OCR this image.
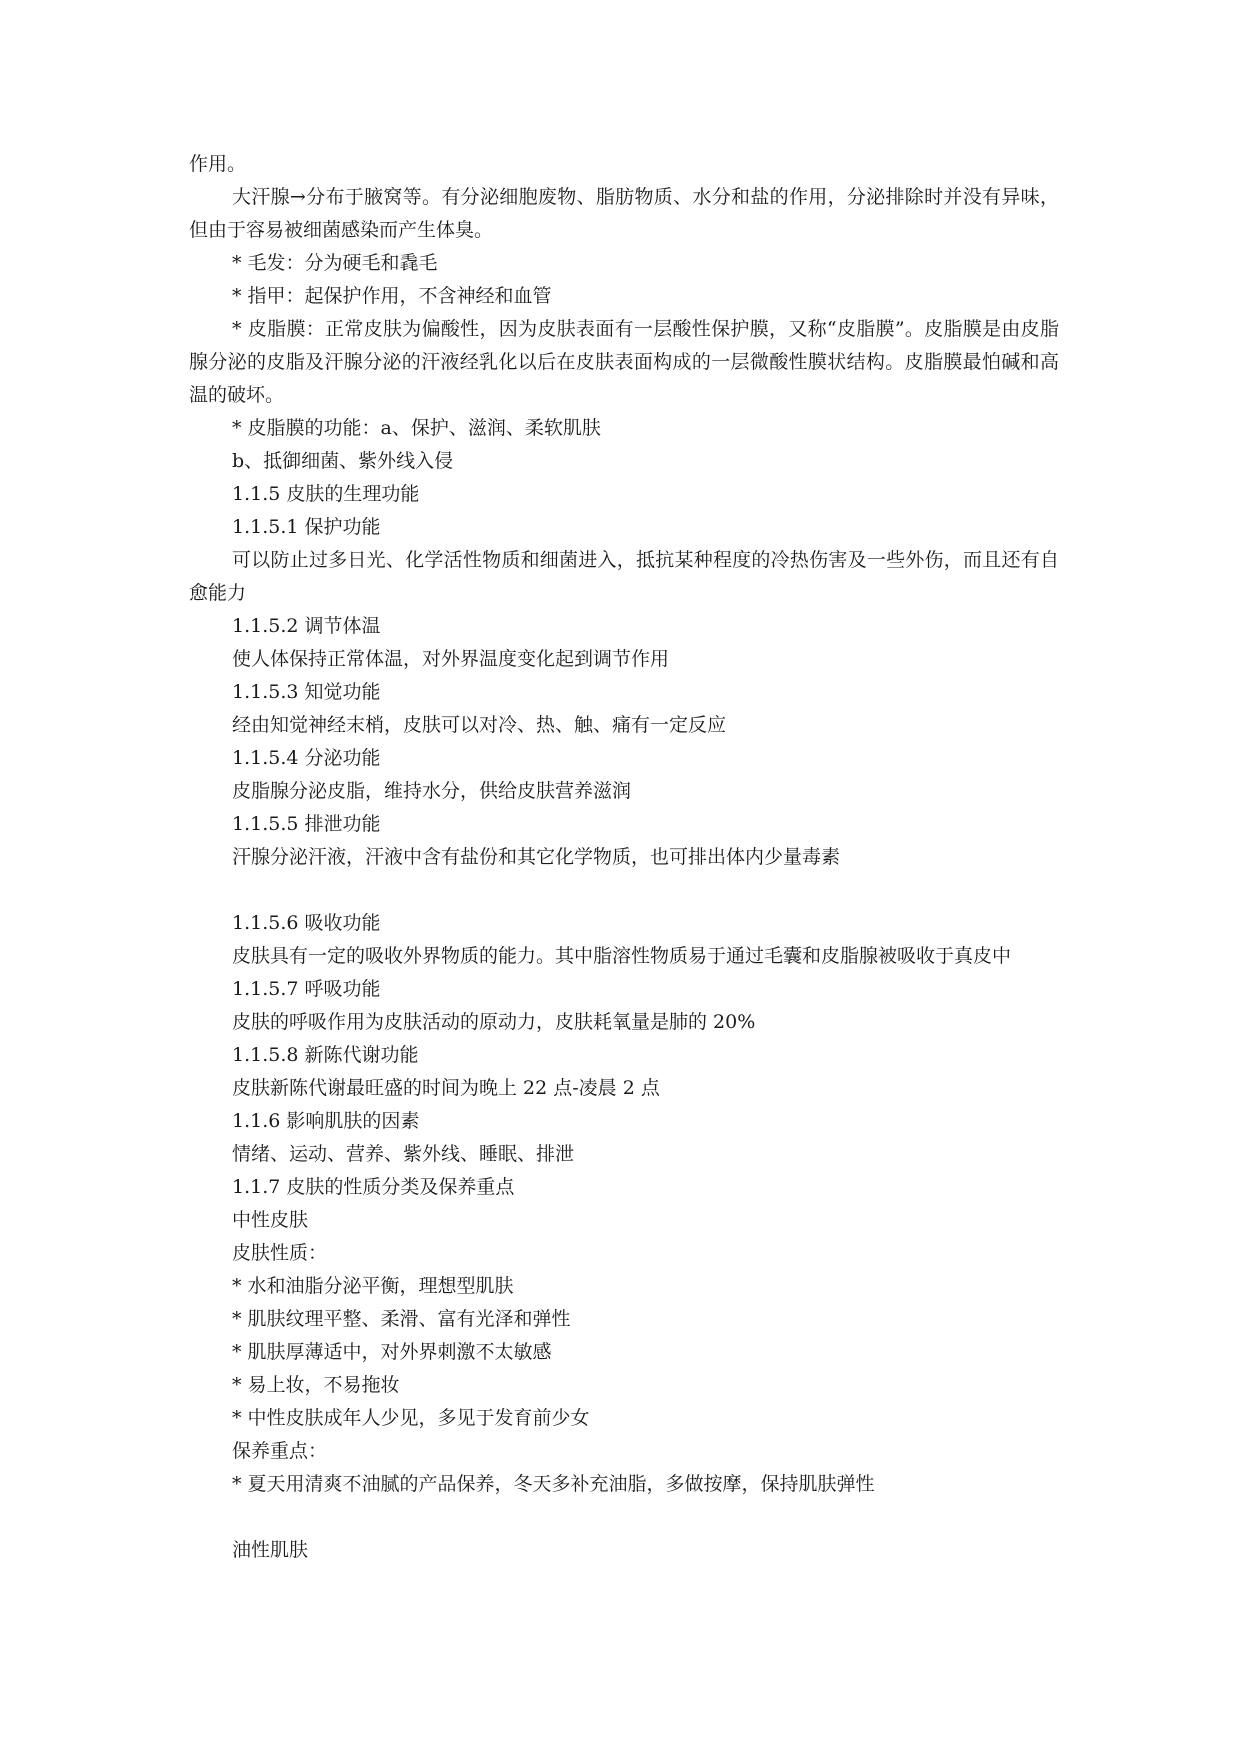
作用。

大汗腺→分布于腋窝等。有分泌细胞废物、脂肪物质、水分和盐的作用，分泌排除时并没有异味，但由于容易被细菌感染而产生体臭。

* 毛发：分为硬毛和毳毛

* 指甲：起保护作用，不含神经和血管

* 皮脂膜：正常皮肤为偏酸性，因为皮肤表面有一层酸性保护膜，又称“皮脂膜”。皮脂膜是由皮脂腺分泌的皮脂及汗腺分泌的汗液经乳化以后在皮肤表面构成的一层微酸性膜状结构。皮脂膜最怕碱和高温的破坏。

* 皮脂膜的功能：a、保护、滋润、柔软肌肤

b、抵御细菌、紫外线入侵

1.1.5 皮肤的生理功能

1.1.5.1 保护功能

可以防止过多日光、化学活性物质和细菌进入，抵抗某种程度的冷热伤害及一些外伤，而且还有自愈能力

1.1.5.2 调节体温

使人体保持正常体温，对外界温度变化起到调节作用

1.1.5.3 知觉功能

经由知觉神经末梢，皮肤可以对冷、热、触、痛有一定反应

1.1.5.4 分泌功能

皮脂腺分泌皮脂，维持水分，供给皮肤营养滋润

1.1.5.5 排泄功能

汗腺分泌汗液，汗液中含有盐份和其它化学物质，也可排出体内少量毒素

1.1.5.6 吸收功能

皮肤具有一定的吸收外界物质的能力。其中脂溶性物质易于通过毛囊和皮脂腺被吸收于真皮中

1.1.5.7 呼吸功能

皮肤的呼吸作用为皮肤活动的原动力，皮肤耗氧量是肺的 20%

1.1.5.8 新陈代谢功能

皮肤新陈代谢最旺盛的时间为晚上 22 点-凌晨 2 点

1.1.6 影响肌肤的因素

情绪、运动、营养、紫外线、睡眠、排泄

1.1.7 皮肤的性质分类及保养重点

中性皮肤

皮肤性质：

* 水和油脂分泌平衡，理想型肌肤

* 肌肤纹理平整、柔滑、富有光泽和弹性

* 肌肤厚薄适中，对外界刺激不太敏感

* 易上妆，不易拖妆

* 中性皮肤成年人少见，多见于发育前少女

保养重点：

* 夏天用清爽不油腻的产品保养，冬天多补充油脂，多做按摩，保持肌肤弹性

油性肌肤
